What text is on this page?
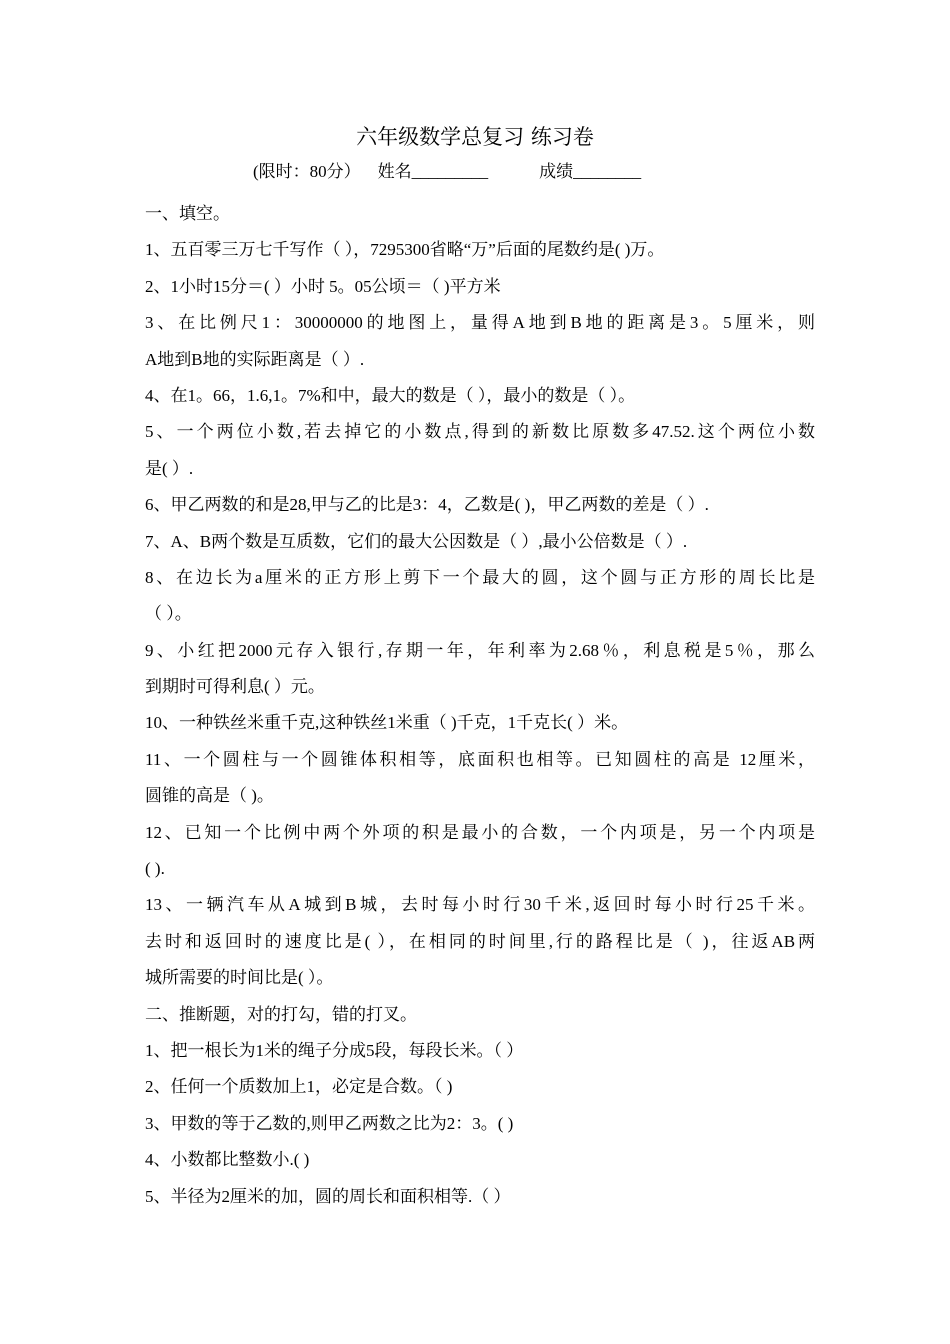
六年级数学总复习 练习卷
(限时：80分） 姓名_________	成绩________
一、填空。
1、五百零三万七千写作（ ），7295300省略“万”后面的尾数约是( )万。
2、1小时15分＝( ）小时 5。05公顷＝（ )平方米
3、在比例尺1：30000000的地图上，量得A地到B地的距离是3。5厘米，则
A地到B地的实际距离是（ ）.
4、在1。66，1.6,1。7%和中，最大的数是（ ），最小的数是（ ）。
5、一个两位小数,若去掉它的小数点,得到的新数比原数多47.52.这个两位小数
是( ）.
6、甲乙两数的和是28,甲与乙的比是3：4，乙数是( )，甲乙两数的差是（ ）.
7、A、B两个数是互质数，它们的最大公因数是（ ）,最小公倍数是（ ）.
8、在边长为a厘米的正方形上剪下一个最大的圆，这个圆与正方形的周长比是
（ ）。
9、小红把2000元存入银行,存期一年，年利率为2.68％，利息税是5％，那么
到期时可得利息( ）元。
10、一种铁丝米重千克,这种铁丝1米重（ )千克，1千克长( ）米。
11、一个圆柱与一个圆锥体积相等，底面积也相等。已知圆柱的高是 12厘米，
圆锥的高是（ )。
12、已知一个比例中两个外项的积是最小的合数，一个内项是，另一个内项是
( ).
13、一辆汽车从A城到B城，去时每小时行30千米,返回时每小时行25千米。
去时和返回时的速度比是( ），在相同的时间里,行的路程比是（ )，往返AB两
城所需要的时间比是( ）。
二、推断题，对的打勾，错的打叉。
1、把一根长为1米的绳子分成5段，每段长米。（ ）
2、任何一个质数加上1，必定是合数。（ )
3、甲数的等于乙数的,则甲乙两数之比为2：3。( )
4、小数都比整数小.( )
5、半径为2厘米的加，圆的周长和面积相等.（ ）
